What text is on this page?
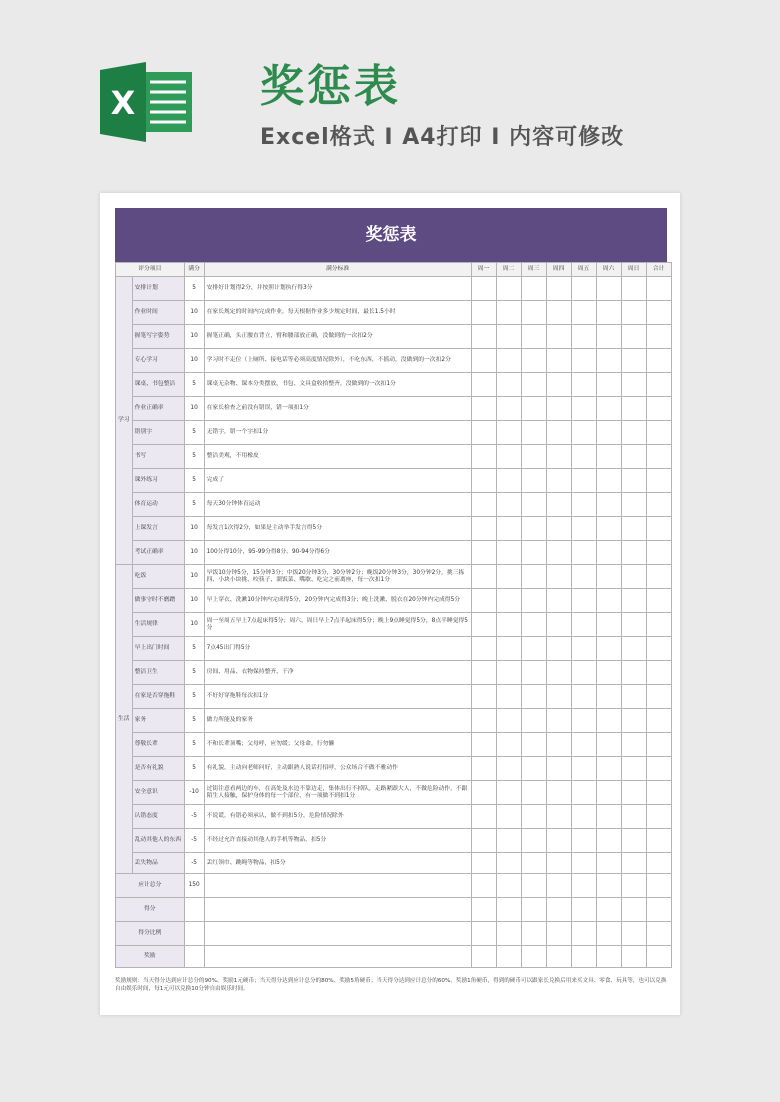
X	奖惩表
Excel格式 I A4打印 I 内容可修改
奖惩表
评分项目		满分	满分标准	周一	周二	周三	周四	周五	周六	周日	合计
学习	安排计划	5	安排好计划得2分，并按照计划执行得3分								
	作业时间	10	在家长规定的时间内完成作业，每天根据作业多少规定时间，最长1.5小时								
	握笔写字姿势	10	握笔正确，头正腰直背立，臂和腰部放正确，没做到的一次扣2分								
	专心学习	10	学习时不走位（上厕所、接电话等必须高度情况除外），不吃东西，不摇动，没做到的一次扣2分								
	课桌、书包整洁	5	课桌无杂物、课本分类摆放，书包、文具盒收拾整齐，没做到的一次扣1分								
	作业正确率	10	在家长检查之前没有错误，错一项扣1分								
	错别字	5	无错字，错一个字扣1分								
	书写	5	整洁美观，不用橡皮								
	课外练习	5	完成了								
	体育运动	5	每天30分钟体育运动								
	上课发言	10	每发言1次得2分，如果是主动举手发言得5分								
	考试正确率	10	100分得10分，95-99分得8分，90-94分得6分								
生活	吃饭	10	早饭10分钟5分，15分钟3分；中饭20分钟3分，30分钟2分；晚饭20分钟3分，30分钟2分，挑三拣四、小块小块挑、咬筷子、溜饭菜、嘴歇、吃完之前离座，每一次扣1分								
	做事守时不磨蹭	10	早上穿衣、洗漱10分钟内完成得5分，20分钟内完成得3分；晚上洗漱、脱衣在20分钟内完成得5分								
	生活规律	10	周一至周五早上7点起床得5分；周六、周日早上7点半起床得5分；晚上9点睡觉得5分，8点半睡觉得5分								
	早上出门时间	5	7点45出门得5分								
	整洁卫生	5	房间、用品、衣物保持整齐、干净								
	在家是否穿拖鞋	5	不好好穿拖鞋每次扣1分								
	家务	5	做力所能及的家务								
	尊敬长辈	5	不和长辈顶嘴；父母呼，应勿缓；父母命，行勿懒								
	是否有礼貌	5	有礼貌，主动向老师问好，主动跟熟人说话打招呼，公众场合不做不雅动作								
	安全意识	-10	过街注意看两边的车，在高处及水边不靠边走，集体出行不掉队，走路紧跟大人，不做危险动作，不跟陌生人接触，保护身体的每一个部位，有一项做不到扣1分								
	认错态度	-5	不说谎，有错必须承认，做不到扣5分，危险情况除外								
	乱动其他人的东西	-5	不经过允许直接动其他人的手机等物品，扣5分								
	丢失物品	-5	丢红领巾、跳绳等物品，扣5分								
应计总分		150									
得分											
得分比例											
奖励											
奖励规则：当天得分达到应计总分的90%、奖励1元硬币；当天得分达到应计总分的80%、奖励5角硬币；当天得分达到应计总分的60%、奖励1角硬币，得到的硬币可以跟家长兑换后用来买文具、零食、玩具等，也可以兑换自由娱乐时间，每1元可以兑换10分钟自由娱乐时间。
